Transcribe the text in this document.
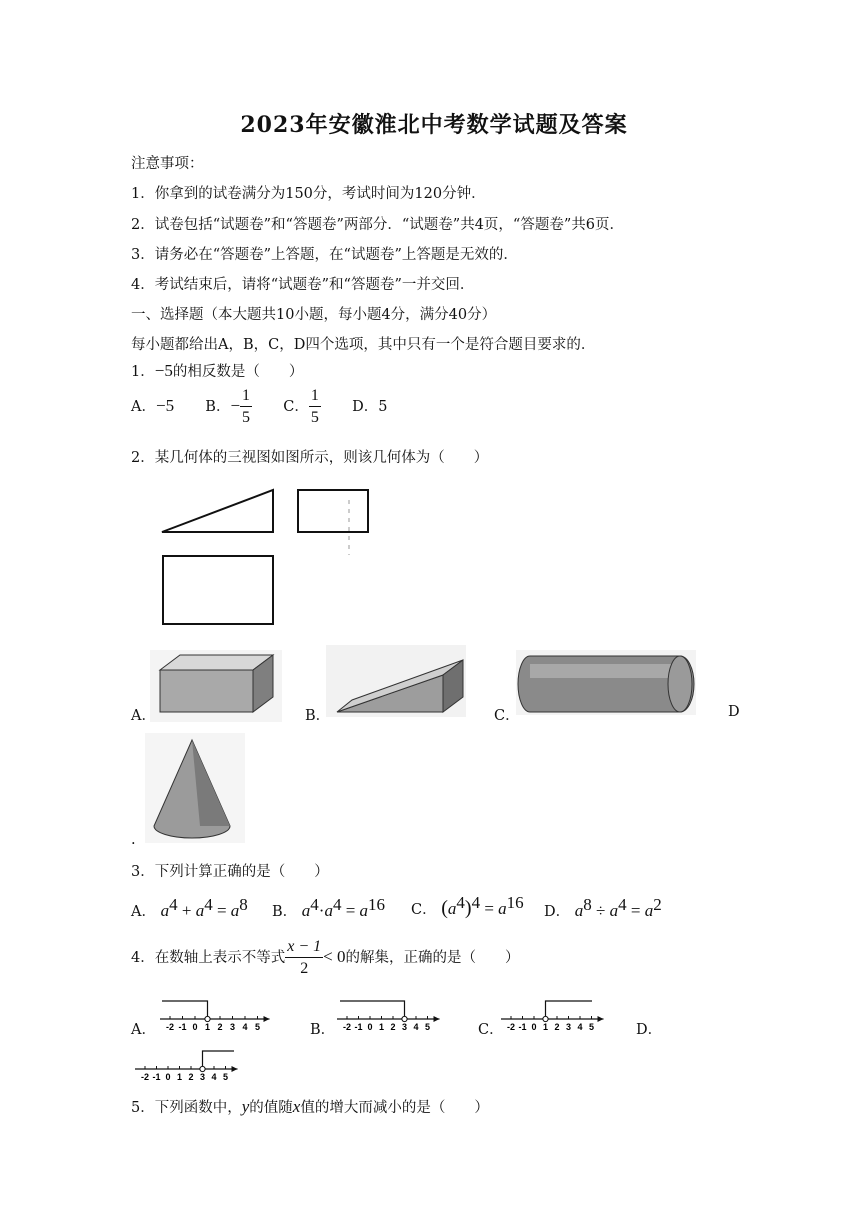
2023年安徽淮北中考数学试题及答案
注意事项：
1．你拿到的试卷满分为150分，考试时间为120分钟．
2．试卷包括“试题卷”和“答题卷”两部分．“试题卷”共4页，“答题卷”共6页．
3．请务必在“答题卷”上答题，在“试题卷”上答题是无效的．
4．考试结束后，请将“试题卷”和“答题卷”一并交回．
一、选择题（本大题共10小题，每小题4分，满分40分）
每小题都给出A，B，C，D四个选项，其中只有一个是符合题目要求的．
1．−5的相反数是（　　）
A．−5 B．− $\frac{1}{5}$ C． $\frac{1}{5}$ D．5
2．某几何体的三视图如图所示，则该几何体为（　　）
A．	B．	C．	D
.
3．下列计算正确的是（　　）
A． $a^4 + a^4 = a^8$ B． $a^4\cdot a^4 = a^{16}$ C． $(a^4)^4 = a^{16}$ D． $a^8 \div a^4 = a^2$
4．在数轴上表示不等式 $\frac{x - 1}{2} < 0$的解集，正确的是（　　）
A．	B．	C．	D．
-2 -1 0 1 2 3 4 5	-2 -1 0 1 2 3 4 5	-2 -1 0 1 2 3 4 5
-2 -1 0 1 2 3 4 5
5．下列函数中，y的值随x值的增大而减小的是（　　）
